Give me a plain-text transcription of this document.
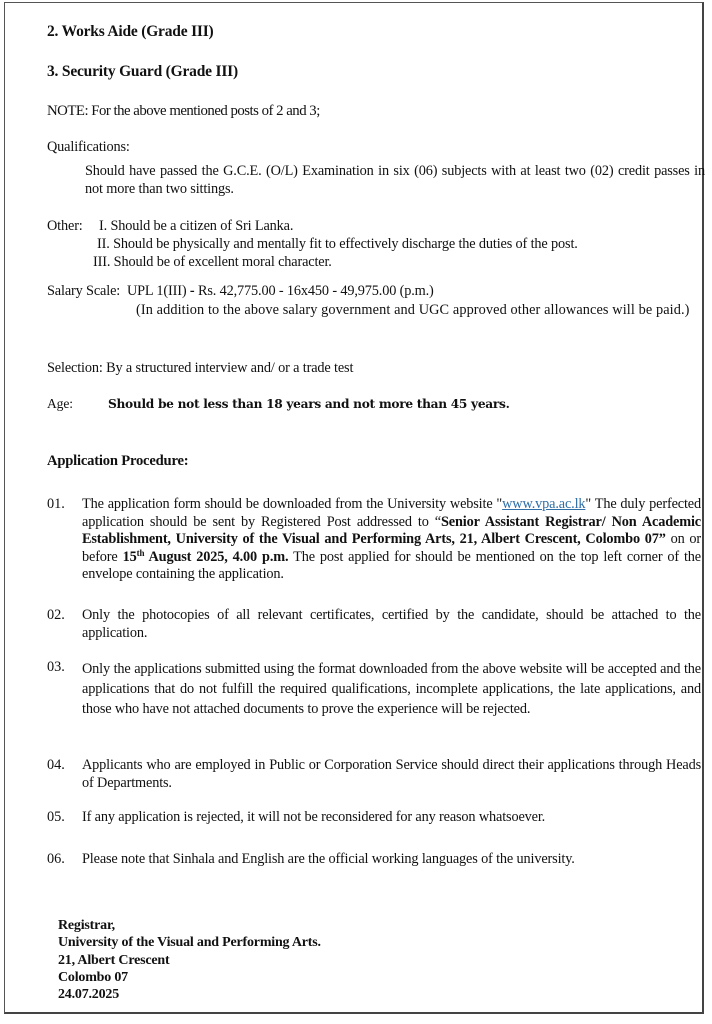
2. Works Aide (Grade III)
3. Security Guard (Grade III)
NOTE: For the above mentioned posts of 2 and 3;
Qualifications:
Should have passed the G.C.E. (O/L) Examination in six (06) subjects with at least two (02) credit passes in not more than two sittings.
Other: I. Should be a citizen of Sri Lanka.
II. Should be physically and mentally fit to effectively discharge the duties of the post.
III. Should be of excellent moral character.
Salary Scale: UPL 1(III) - Rs. 42,775.00 - 16x450 - 49,975.00 (p.m.)
(In addition to the above salary government and UGC approved other allowances will be paid.)
Selection: By a structured interview and/ or a trade test
Age:	Should be not less than 18 years and not more than 45 years.
Application Procedure:
01. The application form should be downloaded from the University website "www.vpa.ac.lk" The duly perfected application should be sent by Registered Post addressed to “Senior Assistant Registrar/ Non Academic Establishment, University of the Visual and Performing Arts, 21, Albert Crescent, Colombo 07” on or before 15th August 2025, 4.00 p.m. The post applied for should be mentioned on the top left corner of the envelope containing the application.
02. Only the photocopies of all relevant certificates, certified by the candidate, should be attached to the application.
03. Only the applications submitted using the format downloaded from the above website will be accepted and the applications that do not fulfill the required qualifications, incomplete applications, the late applications, and those who have not attached documents to prove the experience will be rejected.
04. Applicants who are employed in Public or Corporation Service should direct their applications through Heads of Departments.
05. If any application is rejected, it will not be reconsidered for any reason whatsoever.
06. Please note that Sinhala and English are the official working languages of the university.
Registrar,
University of the Visual and Performing Arts.
21, Albert Crescent
Colombo 07
24.07.2025
